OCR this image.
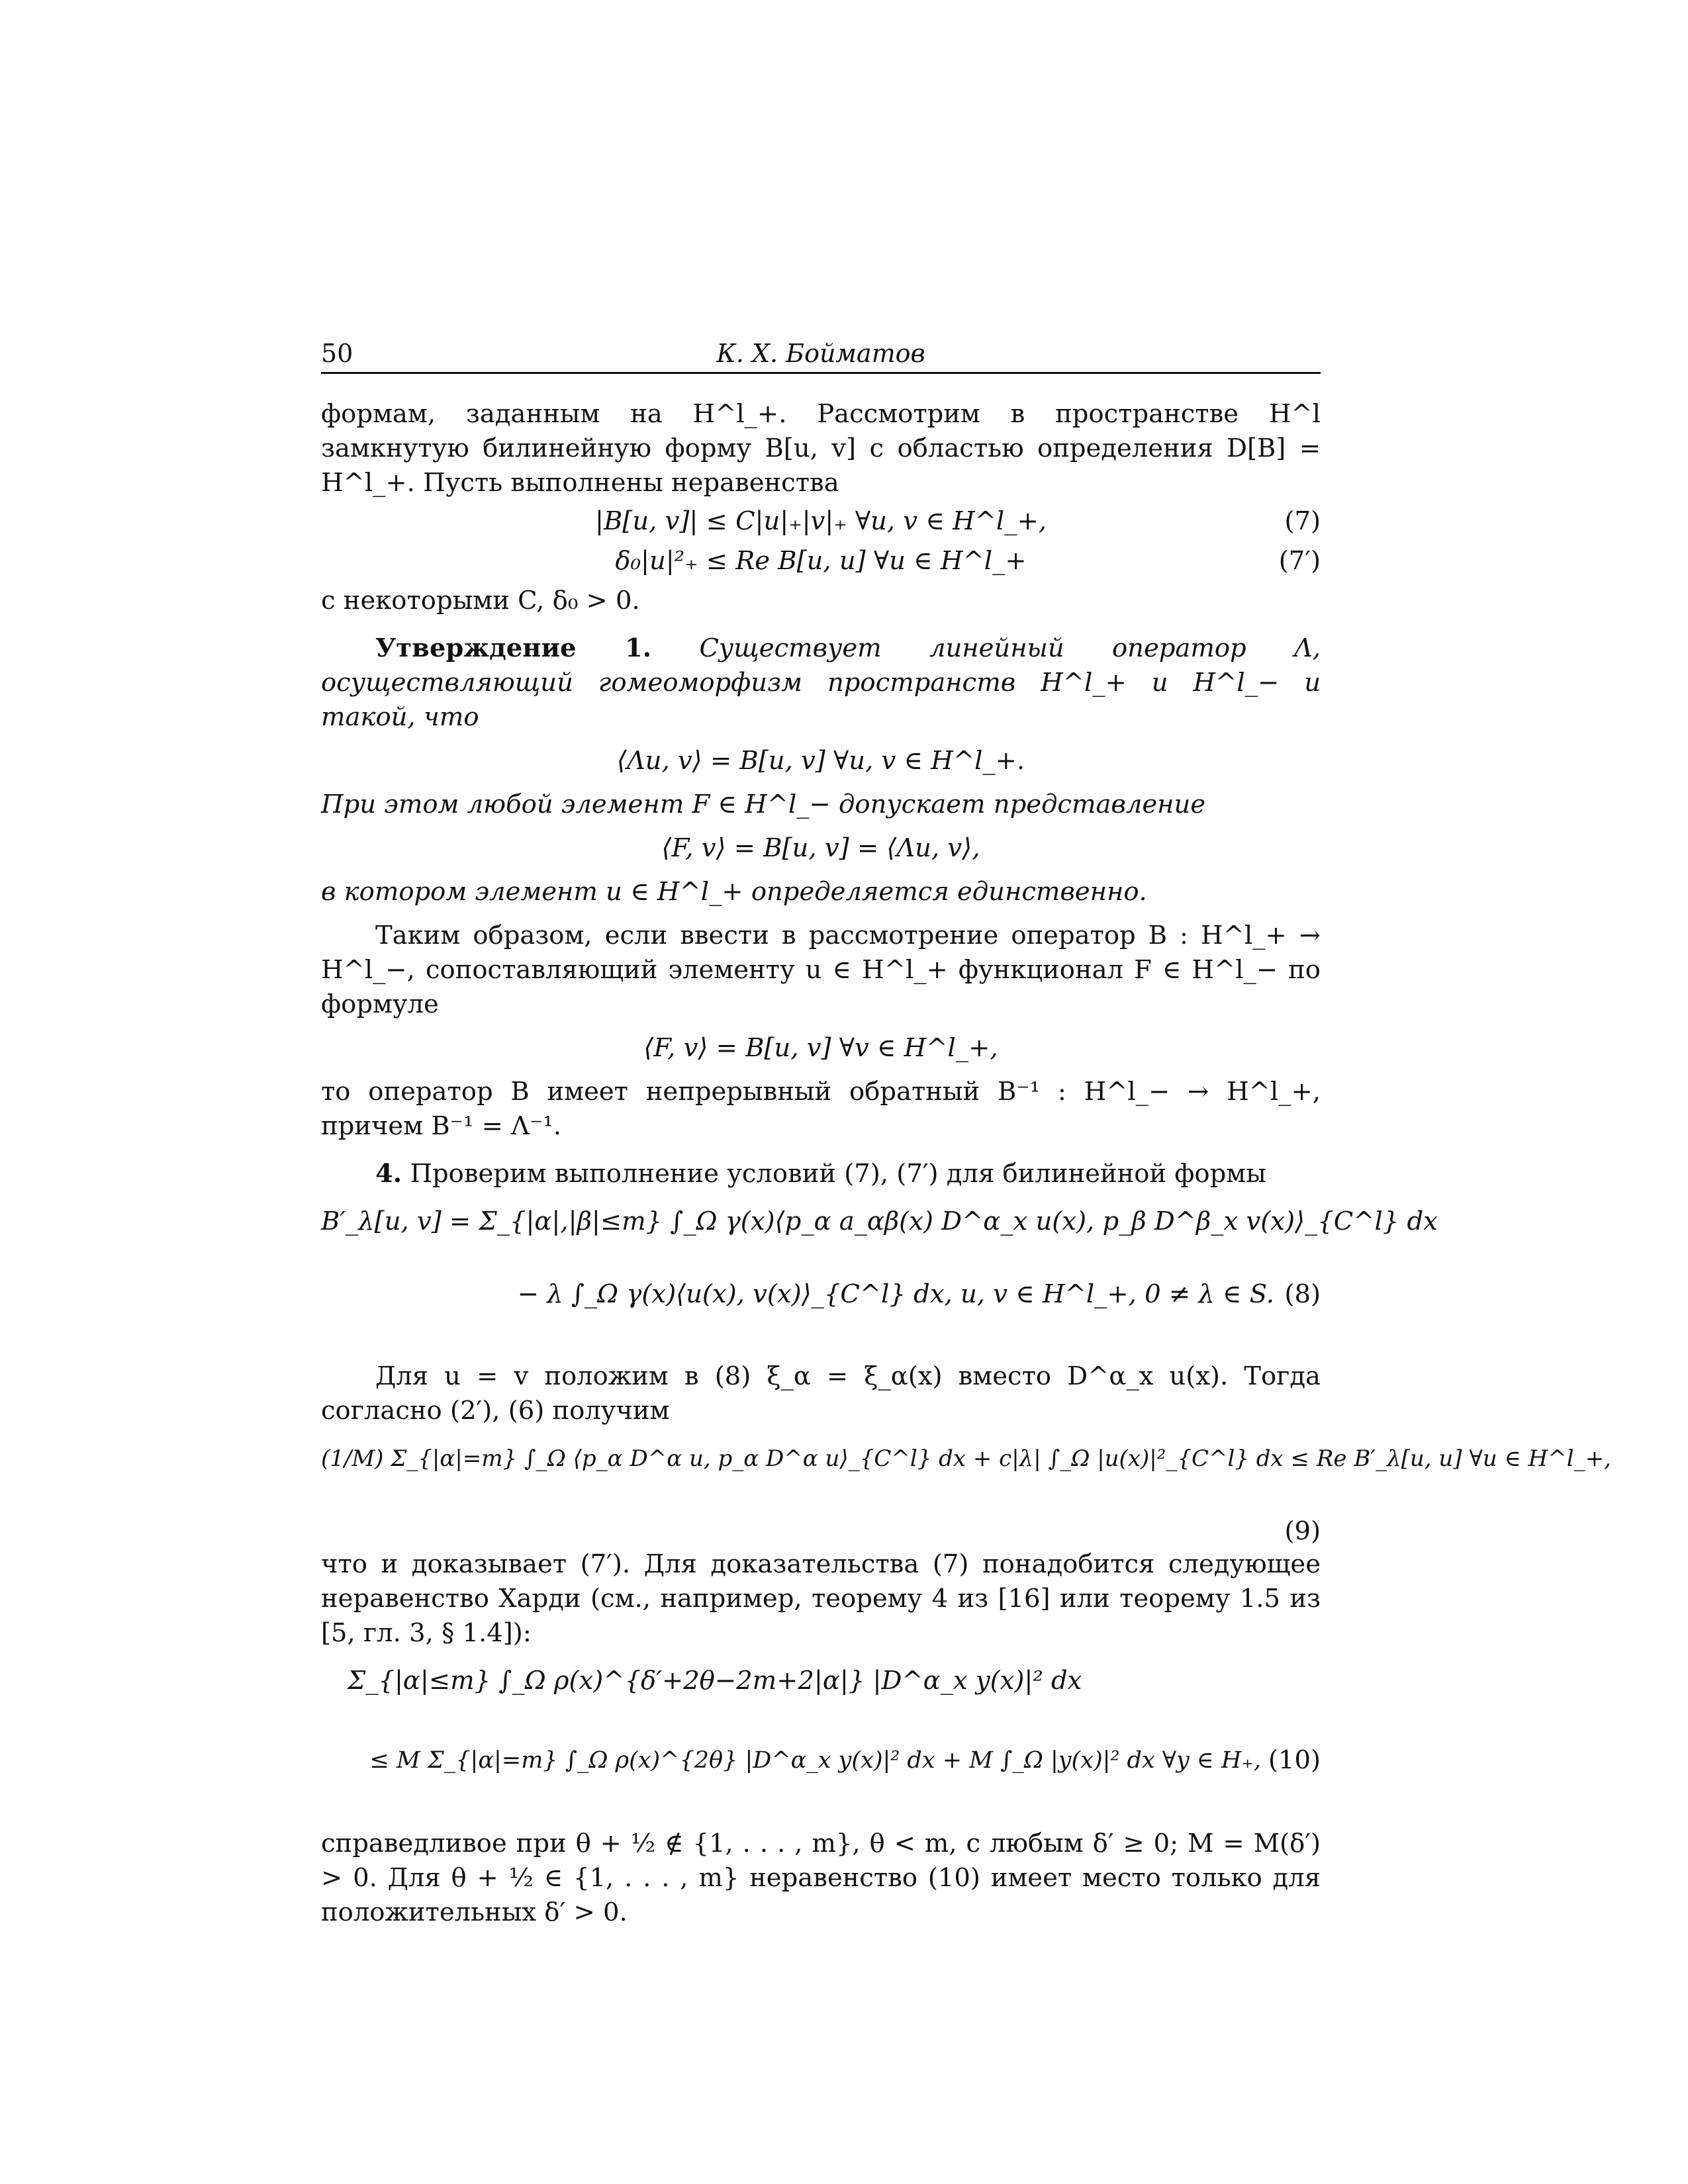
50	К. Х. Бойматов

формам, заданным на H^l_+. Рассмотрим в пространстве H^l замкнутую билинейную форму B[u, v] с областью определения D[B] = H^l_+. Пусть выполнены неравенства

|B[u, v]| ≤ C|u|₊|v|₊ ∀u, v ∈ H^l_+,	(7)
δ₀|u|²₊ ≤ Re B[u, u] ∀u ∈ H^l_+	(7′)

с некоторыми C, δ₀ > 0.

Утверждение 1. Существует линейный оператор Λ, осуществляющий гомеоморфизм пространств H^l_+ и H^l_− и такой, что

⟨Λu, v⟩ = B[u, v] ∀u, v ∈ H^l_+.

При этом любой элемент F ∈ H^l_− допускает представление

⟨F, v⟩ = B[u, v] = ⟨Λu, v⟩,

в котором элемент u ∈ H^l_+ определяется единственно.

Таким образом, если ввести в рассмотрение оператор B : H^l_+ → H^l_−, сопоставляющий элементу u ∈ H^l_+ функционал F ∈ H^l_− по формуле

⟨F, v⟩ = B[u, v] ∀v ∈ H^l_+,

то оператор B имеет непрерывный обратный B⁻¹ : H^l_− → H^l_+, причем B⁻¹ = Λ⁻¹.

4. Проверим выполнение условий (7), (7′) для билинейной формы

B′_λ[u, v] = Σ_{|α|,|β|≤m} ∫_Ω γ(x)⟨p_α a_αβ(x) D^α_x u(x), p_β D^β_x v(x)⟩_{C^l} dx
− λ ∫_Ω γ(x)⟨u(x), v(x)⟩_{C^l} dx, u, v ∈ H^l_+, 0 ≠ λ ∈ S. (8)

Для u = v положим в (8) ξ_α = ξ_α(x) вместо D^α_x u(x). Тогда согласно (2′), (6) получим

(1/M) Σ_{|α|=m} ∫_Ω ⟨p_α D^α u, p_α D^α u⟩_{C^l} dx + c|λ| ∫_Ω |u(x)|²_{C^l} dx ≤ Re B′_λ[u, u] ∀u ∈ H^l_+,
(9)

что и доказывает (7′). Для доказательства (7) понадобится следующее неравенство Харди (см., например, теорему 4 из [16] или теорему 1.5 из [5, гл. 3, § 1.4]):

Σ_{|α|≤m} ∫_Ω ρ(x)^{δ′+2θ−2m+2|α|} |D^α_x y(x)|² dx
≤ M Σ_{|α|=m} ∫_Ω ρ(x)^{2θ} |D^α_x y(x)|² dx + M ∫_Ω |y(x)|² dx ∀y ∈ H₊, (10)

справедливое при θ + ½ ∉ {1, . . . , m}, θ < m, с любым δ′ ≥ 0; M = M(δ′) > 0. Для θ + ½ ∈ {1, . . . , m} неравенство (10) имеет место только для положительных δ′ > 0.
